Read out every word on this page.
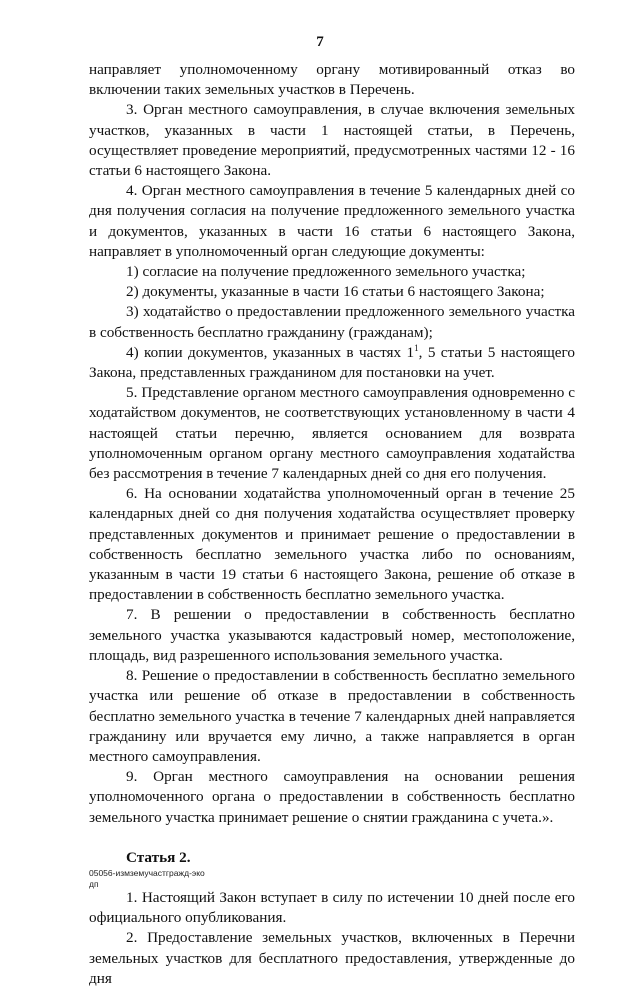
7

направляет уполномоченному органу мотивированный отказ во включении таких земельных участков в Перечень.

3. Орган местного самоуправления, в случае включения земельных участков, указанных в части 1 настоящей статьи, в Перечень, осуществляет проведение мероприятий, предусмотренных частями 12 - 16 статьи 6 настоящего Закона.

4. Орган местного самоуправления в течение 5 календарных дней со дня получения согласия на получение предложенного земельного участка и документов, указанных в части 16 статьи 6 настоящего Закона, направляет в уполномоченный орган следующие документы:

1) согласие на получение предложенного земельного участка;

2) документы, указанные в части 16 статьи 6 настоящего Закона;

3) ходатайство о предоставлении предложенного земельного участка в собственность бесплатно гражданину (гражданам);

4) копии документов, указанных в частях $1^1$, 5 статьи 5 настоящего Закона, представленных гражданином для постановки на учет.

5. Представление органом местного самоуправления одновременно с ходатайством документов, не соответствующих установленному в части 4 настоящей статьи перечню, является основанием для возврата уполномоченным органом органу местного самоуправления ходатайства без рассмотрения в течение 7 календарных дней со дня его получения.

6. На основании ходатайства уполномоченный орган в течение 25 календарных дней со дня получения ходатайства осуществляет проверку представленных документов и принимает решение о предоставлении в собственность бесплатно земельного участка либо по основаниям, указанным в части 19 статьи 6 настоящего Закона, решение об отказе в предоставлении в собственность бесплатно земельного участка.

7. В решении о предоставлении в собственность бесплатно земельного участка указываются кадастровый номер, местоположение, площадь, вид разрешенного использования земельного участка.

8. Решение о предоставлении в собственность бесплатно земельного участка или решение об отказе в предоставлении в собственность бесплатно земельного участка в течение 7 календарных дней направляется гражданину или вручается ему лично, а также направляется в орган местного самоуправления.

9. Орган местного самоуправления на основании решения уполномоченного органа о предоставлении в собственность бесплатно земельного участка принимает решение о снятии гражданина с учета.».

Статья 2.

1. Настоящий Закон вступает в силу по истечении 10 дней после его официального опубликования.

2. Предоставление земельных участков, включенных в Перечни земельных участков для бесплатного предоставления, утвержденные до дня

05056-измземучастгражд-эко
дп
